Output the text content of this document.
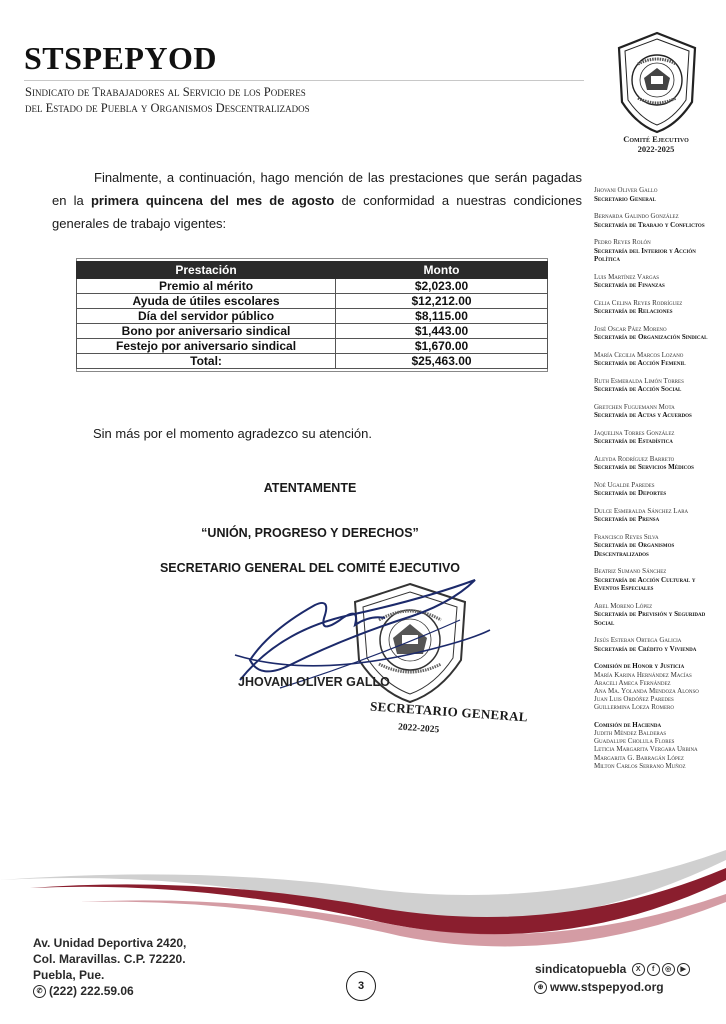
STSPEPYOD
Sindicato de Trabajadores al Servicio de los Poderes
del Estado de Puebla y Organismos Descentralizados
Comité Ejecutivo
2022-2025
Finalmente, a continuación, hago mención de las prestaciones que serán pagadas en la primera quincena del mes de agosto de conformidad a nuestras condiciones generales de trabajo vigentes:
Prestación	Monto
Premio al mérito	$2,023.00
Ayuda de útiles escolares	$12,212.00
Día del servidor público	$8,115.00
Bono por aniversario sindical	$1,443.00
Festejo por aniversario sindical	$1,670.00
Total:	$25,463.00
Sin más por el momento agradezco su atención.
ATENTAMENTE
“UNIÓN, PROGRESO Y DERECHOS”
SECRETARIO GENERAL DEL COMITÉ EJECUTIVO
JHOVANI OLIVER GALLO
SECRETARIO GENERAL
2022-2025
Jhovani Oliver Gallo
Secretario General
Bernarda Galindo González
Secretaría de Trabajo y Conflictos
Pedro Reyes Rolón
Secretaría del Interior y Acción Política
Luis Martínez Vargas
Secretaría de Finanzas
Celia Celina Reyes Rodríguez
Secretaría de Relaciones
José Oscar Páez Moreno
Secretaría de Organización Sindical
María Cecilia Marcos Lozano
Secretaría de Acción Femenil
Ruth Esmeralda Limón Torres
Secretaría de Acción Social
Gretchen Fuguemann Mota
Secretaría de Actas y Acuerdos
Jaquelina Torres González
Secretaría de Estadística
Aleyda Rodríguez Barreto
Secretaría de Servicios Médicos
Noé Ugalde Paredes
Secretaría de Deportes
Dulce Esmeralda Sánchez Lara
Secretaría de Prensa
Francisco Reyes Silva
Secretaría de Organismos Descentralizados
Beatriz Sumano Sánchez
Secretaría de Acción Cultural y Eventos Especiales
Abel Moreno López
Secretaría de Previsión y Seguridad Social
Jesús Esteban Ortega Galicia
Secretaría de Crédito y Vivienda
Comisión de Honor y Justicia
María Karina Hernández Macías
Araceli Ameca Fernández
Ana Ma. Yolanda Mendoza Alonso
Juan Luis Ordóñez Paredes
Guillermina Loeza Romero
Comisión de Hacienda
Judith Méndez Balderas
Guadalupe Cholula Flores
Leticia Margarita Vergara Urbina
Margarita G. Barragán López
Milton Carlos Serrano Muñoz
Av. Unidad Deportiva 2420,
Col. Maravillas. C.P. 72220.
Puebla, Pue.
✆ (222) 222.59.06	3
sindicatopuebla X f ◎ ▶
⊕ www.stspepyod.org
